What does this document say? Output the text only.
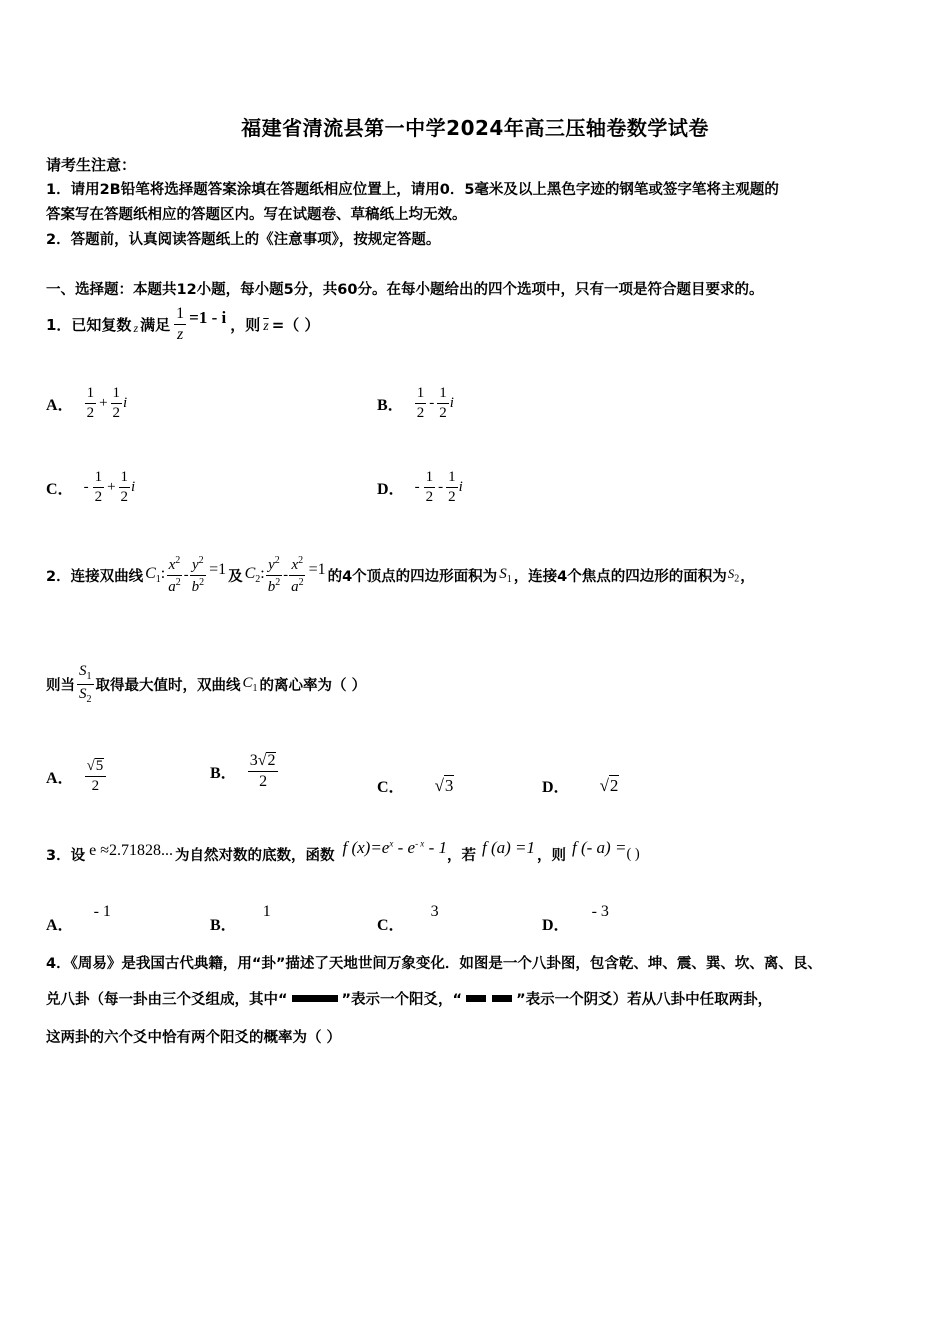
福建省清流县第一中学2024年高三压轴卷数学试卷
请考生注意：
1．请用2B铅笔将选择题答案涂填在答题纸相应位置上，请用0．5毫米及以上黑色字迹的钢笔或签字笔将主观题的
答案写在答题纸相应的答题区内。写在试题卷、草稿纸上均无效。
2．答题前，认真阅读答题纸上的《注意事项》，按规定答题。
一、选择题：本题共12小题，每小题5分，共60分。在每小题给出的四个选项中，只有一项是符合题目要求的。
1．已知复数 z 满足 $\frac{1}{z} =1 - i$ ，则 $\overline{z}$ =（ ）
A． $\frac{1}{2} + \frac{1}{2}$ i	B． $\frac{1}{2} - \frac{1}{2}$ i
C． - $\frac{1}{2} + \frac{1}{2}$ i	D． - $\frac{1}{2} - \frac{1}{2}$ i
2．连接双曲线 $C_1$: $\frac{x^2}{a^2} - \frac{y^2}{b^2} =1$ 及 $C_2$: $\frac{y^2}{b^2} - \frac{x^2}{a^2} =1$ 的4个顶点的四边形面积为 $S_1$ ，连接4个焦点的四边形的面积为 $S_2$ ，
则当 $\frac{S_1}{S_2}$ 取得最大值时，双曲线 $C_1$ 的离心率为（ ）
A． $\frac{√ 5}{2}$	B． $\frac{3 √ 2}{2}$	C． √ 3	D． √ 2
3．设 e ≈2.71828... 为自然对数的底数，函数 f $(x)=e^x - e^{- x} - 1$ ，若 f (a) =1 ，则 f (- a) = ( )
A．
- 1
B．
1
C．
3
D．
- 3
4．《周易》是我国古代典籍，用“卦”描述了天地世间万象变化．如图是一个八卦图，包含乾、坤、震、巽、坎、离、艮、
兑八卦（每一卦由三个爻组成，其中“	”表示一个阳爻，“	”表示一个阴爻）若从八卦中任取两卦，
这两卦的六个爻中恰有两个阳爻的概率为（ ）
